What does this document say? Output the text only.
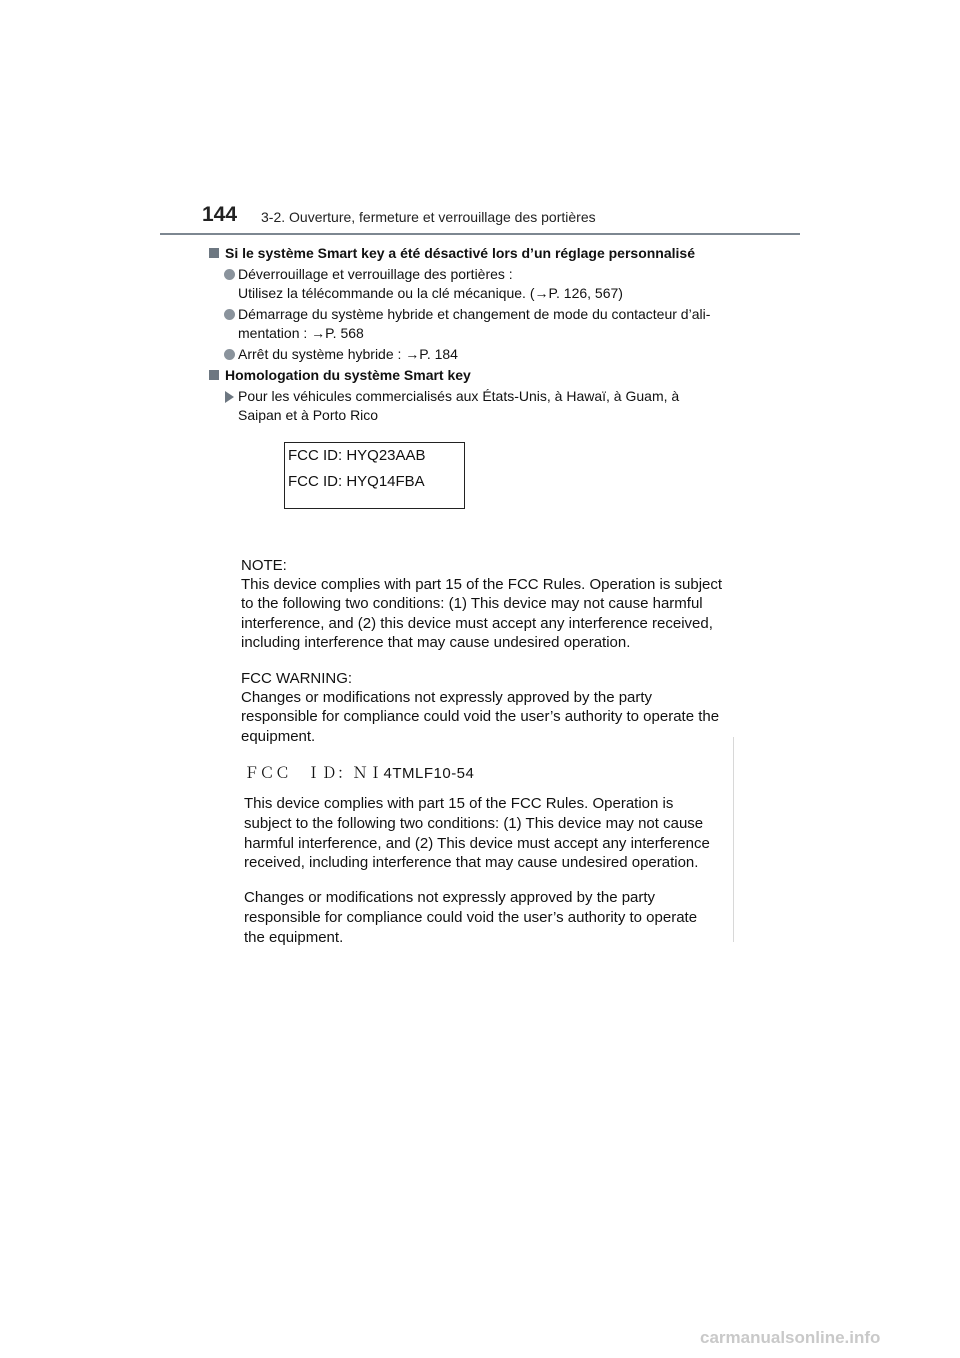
144 3-2. Ouverture, fermeture et verrouillage des portières
Si le système Smart key a été désactivé lors d’un réglage personnalisé
Déverrouillage et verrouillage des portières :
Utilisez la télécommande ou la clé mécanique. (→P. 126, 567)
Démarrage du système hybride et changement de mode du contacteur d’ali-
mentation : →P. 568
Arrêt du système hybride : →P. 184
Homologation du système Smart key
Pour les véhicules commercialisés aux États-Unis, à Hawaï, à Guam, à
Saipan et à Porto Rico
FCC ID: HYQ23AAB
FCC ID: HYQ14FBA
NOTE:
This device complies with part 15 of the FCC Rules. Operation is subject
to the following two conditions: (1) This device may not cause harmful
interference, and (2) this device must accept any interference received,
including interference that may cause undesired operation.
FCC WARNING:
Changes or modifications not expressly approved by the party
responsible for compliance could void the user’s authority to operate the
equipment.
ＦＣＣ　ＩＤ：ＮＩ4TMLF10-54
This device complies with part 15 of the FCC Rules. Operation is
subject to the following two conditions: (1) This device may not cause
harmful interference, and (2) This device must accept any interference
received, including interference that may cause undesired operation.
Changes or modifications not expressly approved by the party
responsible for compliance could void the user’s authority to operate
the equipment.
carmanualsonline.info
